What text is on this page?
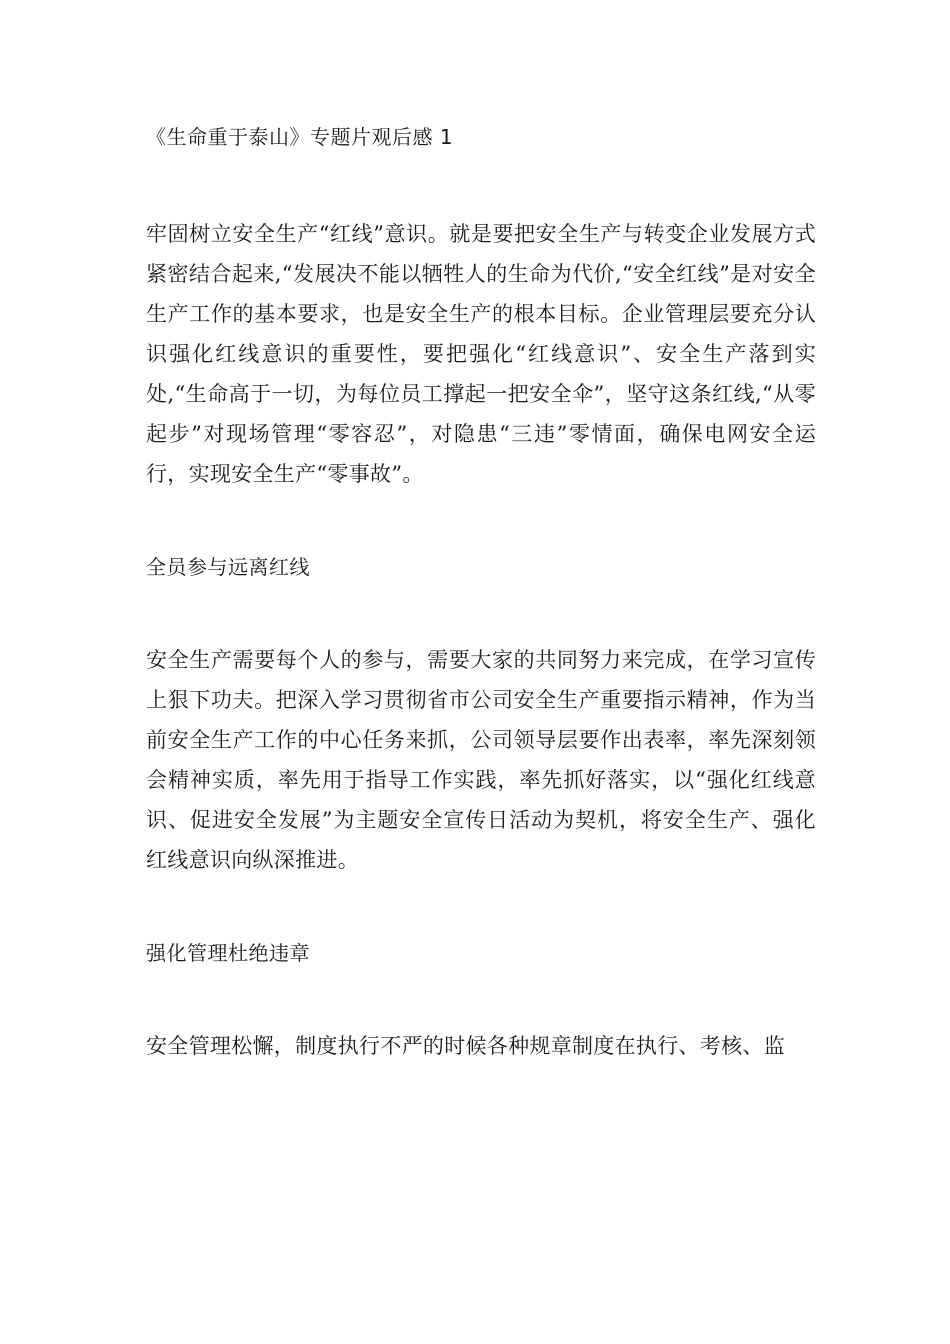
《生命重于泰山》专题片观后感 1

牢固树立安全生产“红线”意识。就是要把安全生产与转变企业发展方式紧密结合起来,“发展决不能以牺牲人的生命为代价,“安全红线”是对安全生产工作的基本要求，也是安全生产的根本目标。企业管理层要充分认识强化红线意识的重要性，要把强化“红线意识”、安全生产落到实处,“生命高于一切，为每位员工撑起一把安全伞”，坚守这条红线,“从零起步”对现场管理“零容忍”，对隐患“三违”零情面，确保电网安全运行，实现安全生产“零事故”。

全员参与远离红线

安全生产需要每个人的参与，需要大家的共同努力来完成，在学习宣传上狠下功夫。把深入学习贯彻省市公司安全生产重要指示精神，作为当前安全生产工作的中心任务来抓，公司领导层要作出表率，率先深刻领会精神实质，率先用于指导工作实践，率先抓好落实，以“强化红线意识、促进安全发展”为主题安全宣传日活动为契机，将安全生产、强化红线意识向纵深推进。

强化管理杜绝违章

安全管理松懈，制度执行不严的时候各种规章制度在执行、考核、监
